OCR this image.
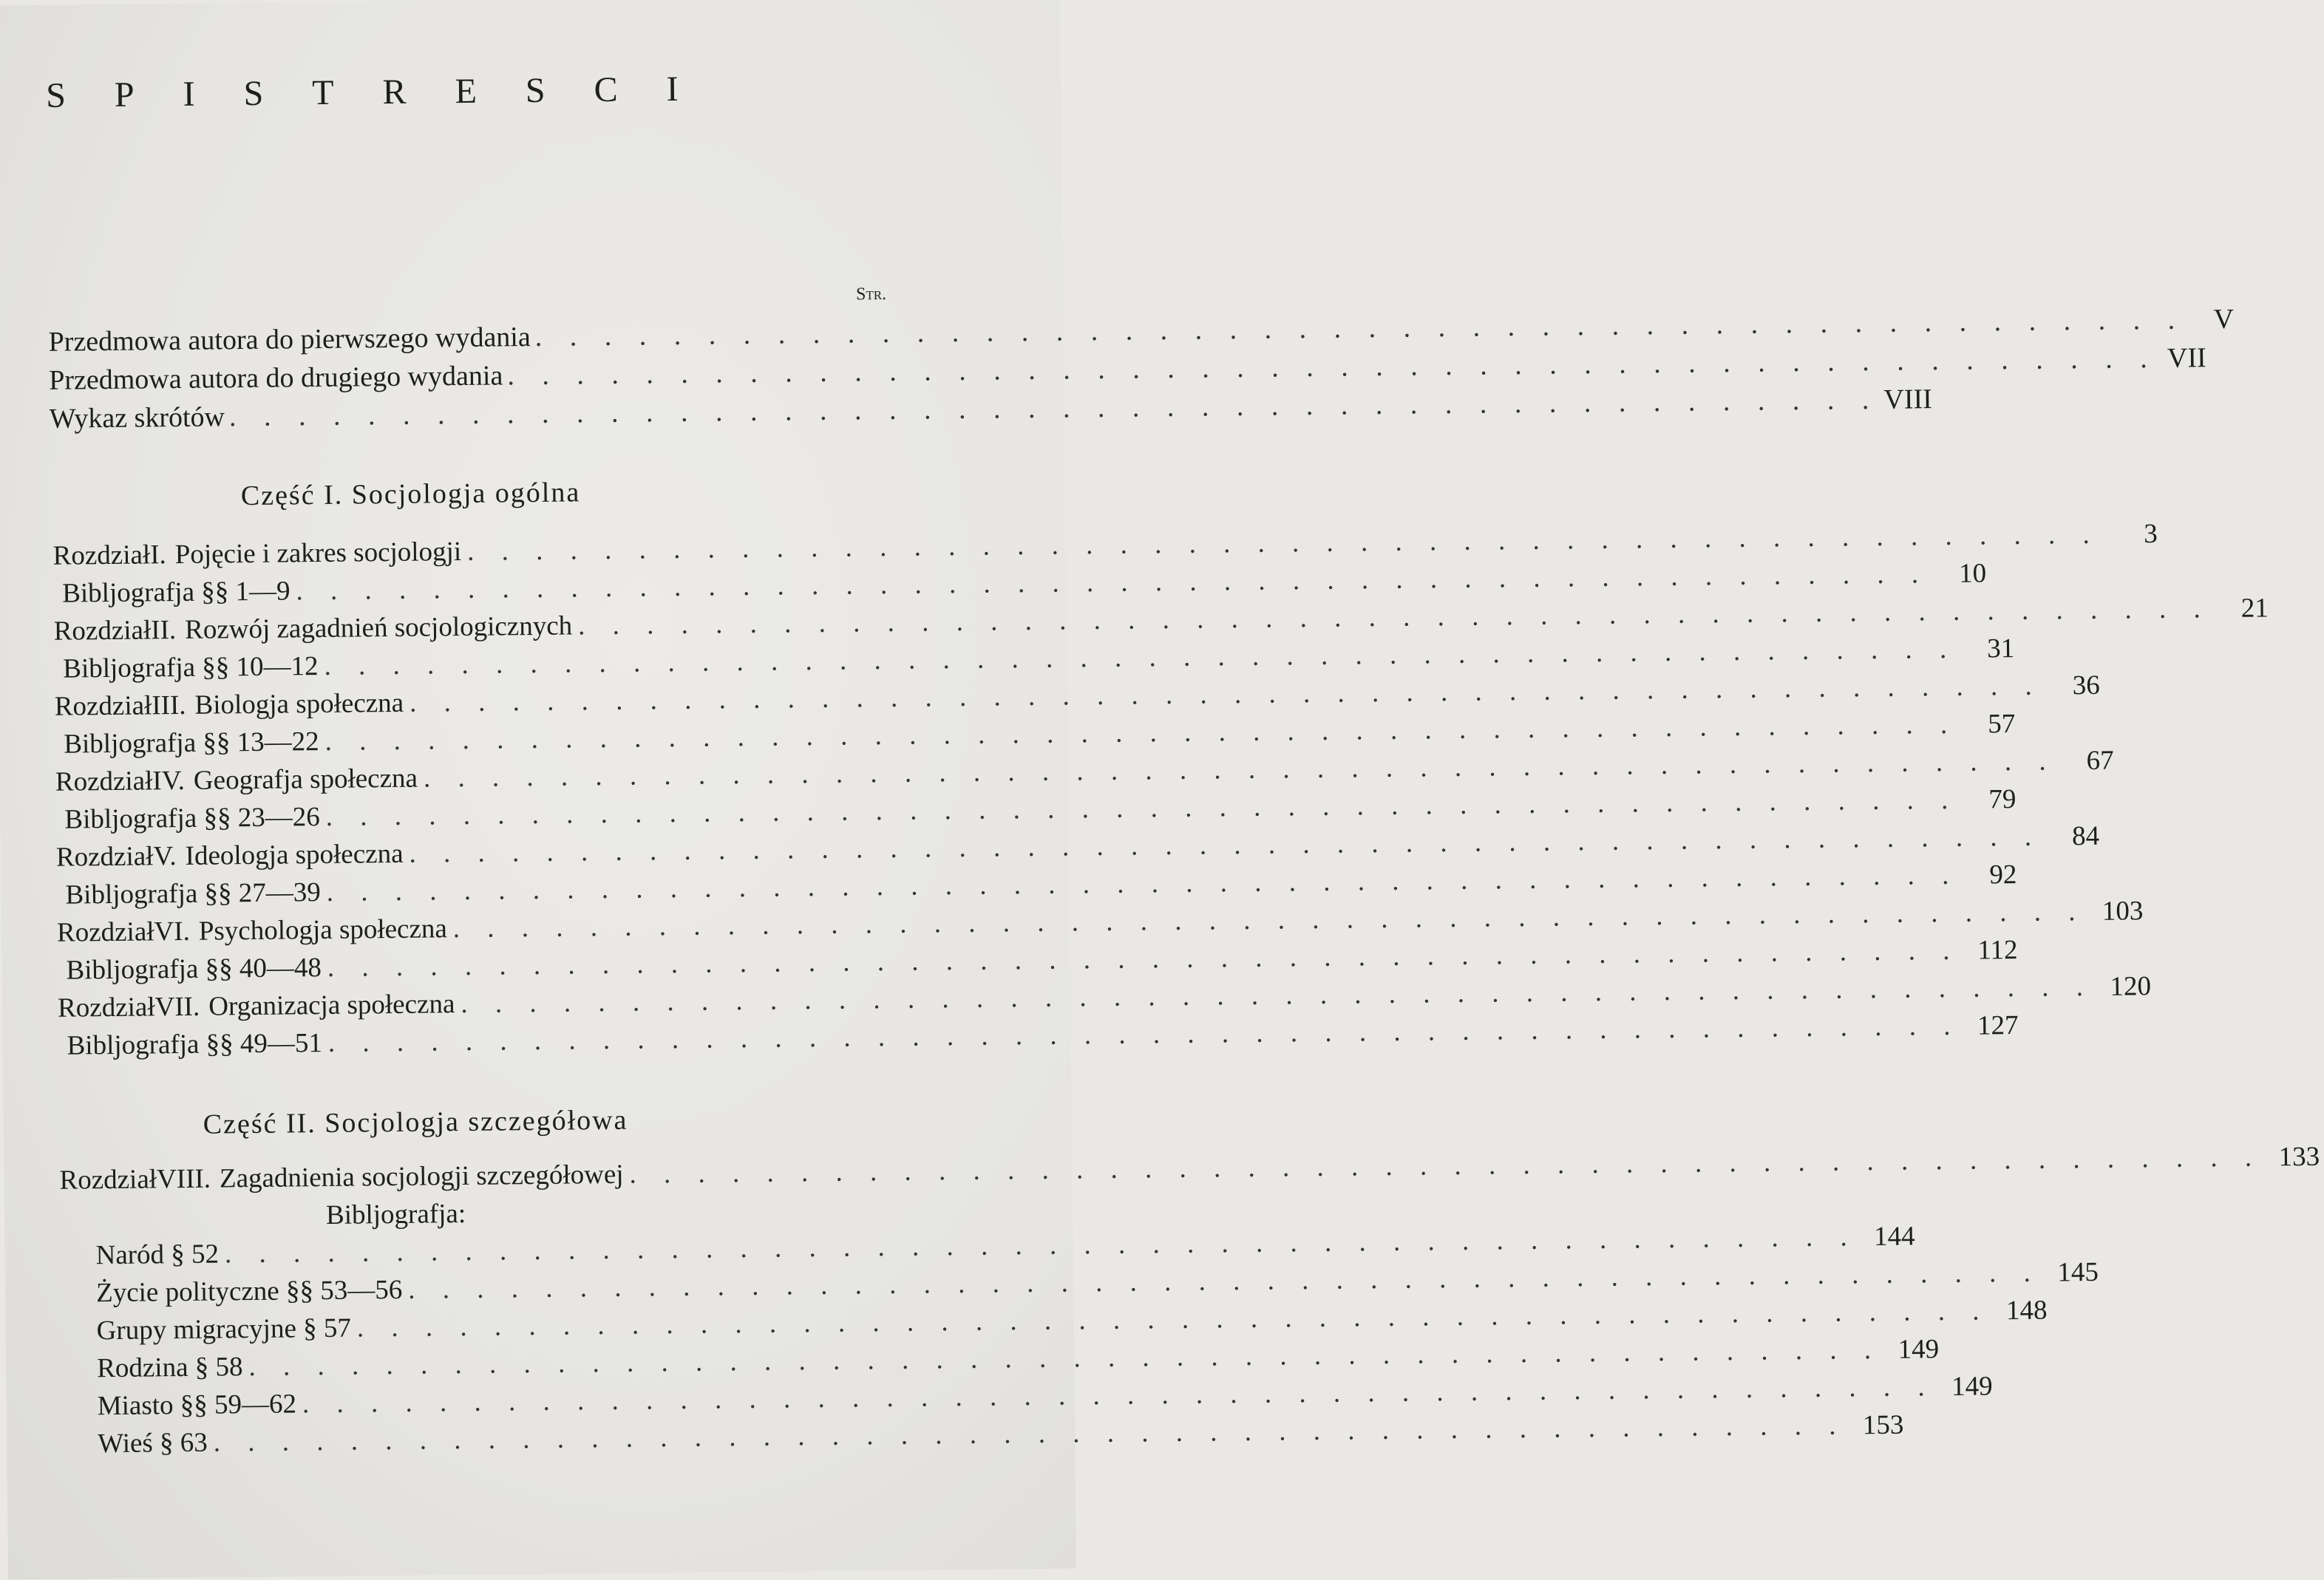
SPISTRESCI
Str.
Przedmowa autora do pierwszego wydania
. . .
V
Przedmowa autora do drugiego wydania
. . .
VII
Wykaz skrótów
. . .
VIII
Część I. Socjologja ogólna
Rozdział I. Pojęcie i zakres socjologji
. . .
3
Bibljografja §§ 1—9
. . .
10
Rozdział II. Rozwój zagadnień socjologicznych
. . .
21
Bibljografja §§ 10—12
. . .
31
Rozdział III. Biologja społeczna
. . .
36
Bibljografja §§ 13—22
. . .
57
Rozdział IV. Geografja społeczna
. . .
67
Bibljografja §§ 23—26
. . .
79
Rozdział V. Ideologja społeczna
. . .
84
Bibljografja §§ 27—39
. . .
92
Rozdział VI. Psychologja społeczna
. . .
103
Bibljografja §§ 40—48
. . .
112
Rozdział VII. Organizacja społeczna
. . .
120
Bibljografja §§ 49—51
. . .
127
Część II. Socjologja szczegółowa
Rozdział VIII. Zagadnienia socjologji szczegółowej
. . .
133
Bibljografja:
Naród § 52
. . .
144
Życie polityczne §§ 53—56
. . .
145
Grupy migracyjne § 57
. . .
148
Rodzina § 58
. . .
149
Miasto §§ 59—62
. . .
149
Wieś § 63
. . .
153
